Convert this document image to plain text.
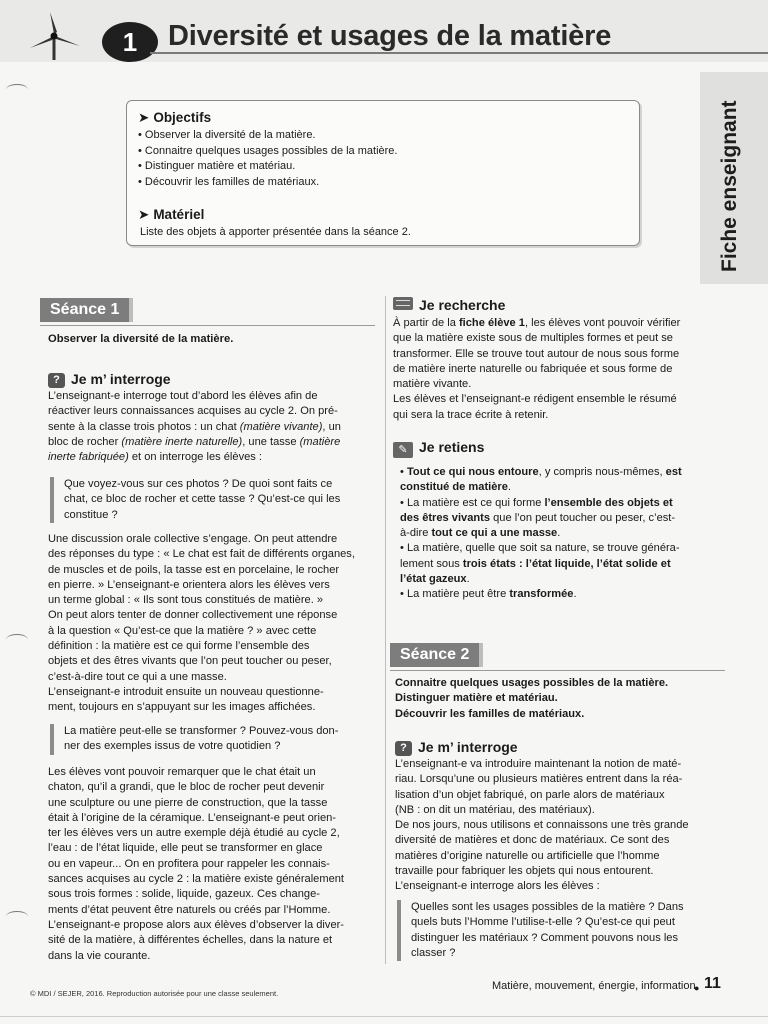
1	Diversité et usages de la matière
Fiche enseignant
➤ Objectifs
• Observer la diversité de la matière.
• Connaitre quelques usages possibles de la matière.
• Distinguer matière et matériau.
• Découvrir les familles de matériaux.
➤ Matériel
Liste des objets à apporter présentée dans la séance 2.
Séance 1
Observer la diversité de la matière.
? Je m’ interroge
L’enseignant-e interroge tout d’abord les élèves afin de
réactiver leurs connaissances acquises au cycle 2. On pré-
sente à la classe trois photos : un chat (matière vivante), un
bloc de rocher (matière inerte naturelle), une tasse (matière
inerte fabriquée) et on interroge les élèves :
Que voyez-vous sur ces photos ? De quoi sont faits ce
chat, ce bloc de rocher et cette tasse ? Qu’est-ce qui les
constitue ?
Une discussion orale collective s’engage. On peut attendre
des réponses du type : « Le chat est fait de différents organes,
de muscles et de poils, la tasse est en porcelaine, le rocher
en pierre. » L’enseignant-e orientera alors les élèves vers
un terme global : « Ils sont tous constitués de matière. »
On peut alors tenter de donner collectivement une réponse
à la question « Qu’est-ce que la matière ? » avec cette
définition : la matière est ce qui forme l’ensemble des
objets et des êtres vivants que l’on peut toucher ou peser,
c’est-à-dire tout ce qui a une masse.
L’enseignant-e introduit ensuite un nouveau questionne-
ment, toujours en s’appuyant sur les images affichées.
La matière peut-elle se transformer ? Pouvez-vous don-
ner des exemples issus de votre quotidien ?
Les élèves vont pouvoir remarquer que le chat était un
chaton, qu’il a grandi, que le bloc de rocher peut devenir
une sculpture ou une pierre de construction, que la tasse
était à l’origine de la céramique. L’enseignant-e peut orien-
ter les élèves vers un autre exemple déjà étudié au cycle 2,
l’eau : de l’état liquide, elle peut se transformer en glace
ou en vapeur... On en profitera pour rappeler les connais-
sances acquises au cycle 2 : la matière existe généralement
sous trois formes : solide, liquide, gazeux. Ces change-
ments d’état peuvent être naturels ou créés par l’Homme.
L’enseignant-e propose alors aux élèves d’observer la diver-
sité de la matière, à différentes échelles, dans la nature et
dans la vie courante.
Je recherche
À partir de la fiche élève 1, les élèves vont pouvoir vérifier
que la matière existe sous de multiples formes et peut se
transformer. Elle se trouve tout autour de nous sous forme
de matière inerte naturelle ou fabriquée et sous forme de
matière vivante.
Les élèves et l’enseignant-e rédigent ensemble le résumé
qui sera la trace écrite à retenir.
✎ Je retiens
• Tout ce qui nous entoure, y compris nous-mêmes, est
constitué de matière.
• La matière est ce qui forme l’ensemble des objets et
des êtres vivants que l’on peut toucher ou peser, c’est-
à-dire tout ce qui a une masse.
• La matière, quelle que soit sa nature, se trouve généra-
lement sous trois états : l’état liquide, l’état solide et
l’état gazeux.
• La matière peut être transformée.
Séance 2
Connaitre quelques usages possibles de la matière.
Distinguer matière et matériau.
Découvrir les familles de matériaux.
? Je m’ interroge
L’enseignant-e va introduire maintenant la notion de maté-
riau. Lorsqu’une ou plusieurs matières entrent dans la réa-
lisation d’un objet fabriqué, on parle alors de matériaux
(NB : on dit un matériau, des matériaux).
De nos jours, nous utilisons et connaissons une très grande
diversité de matières et donc de matériaux. Ce sont des
matières d’origine naturelle ou artificielle que l’homme
travaille pour fabriquer les objets qui nous entourent.
L’enseignant-e interroge alors les élèves :
Quelles sont les usages possibles de la matière ? Dans
quels buts l’Homme l’utilise-t-elle ? Qu’est-ce qui peut
distinguer les matériaux ? Comment pouvons nous les
classer ?
© MDI / SEJER, 2016. Reproduction autorisée pour une classe seulement.
Matière, mouvement, énergie, information
● 11
